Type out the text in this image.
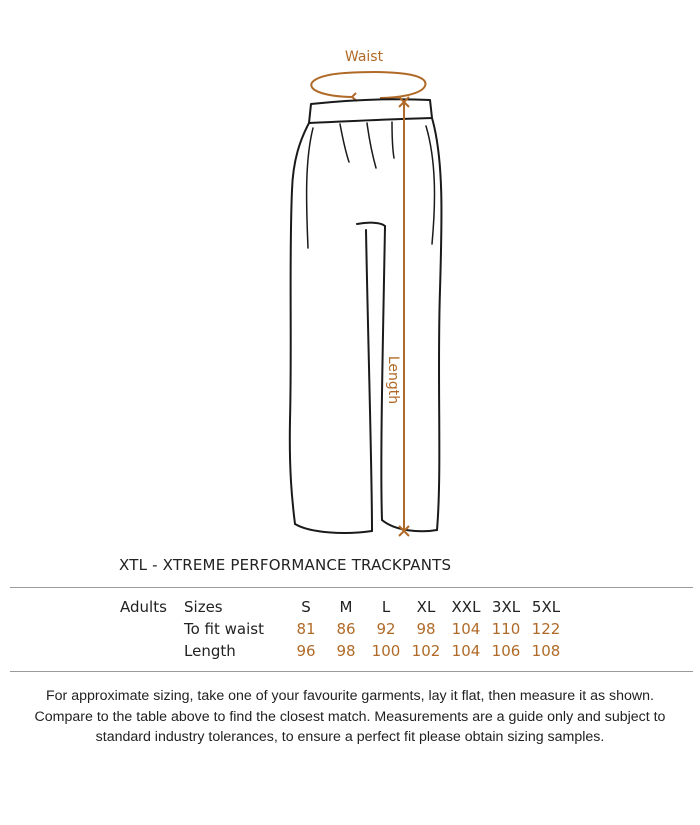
Waist
Length
XTL - XTREME PERFORMANCE TRACKPANTS
Adults	Sizes	S	M	L	XL	XXL	3XL	5XL
	To fit waist	81	86	92	98	104	110	122
	Length	96	98	100	102	104	106	108

For approximate sizing, take one of your favourite garments, lay it flat, then measure it as shown.

Compare to the table above to find the closest match. Measurements are a guide only and subject to

standard industry tolerances, to ensure a perfect fit please obtain sizing samples.
